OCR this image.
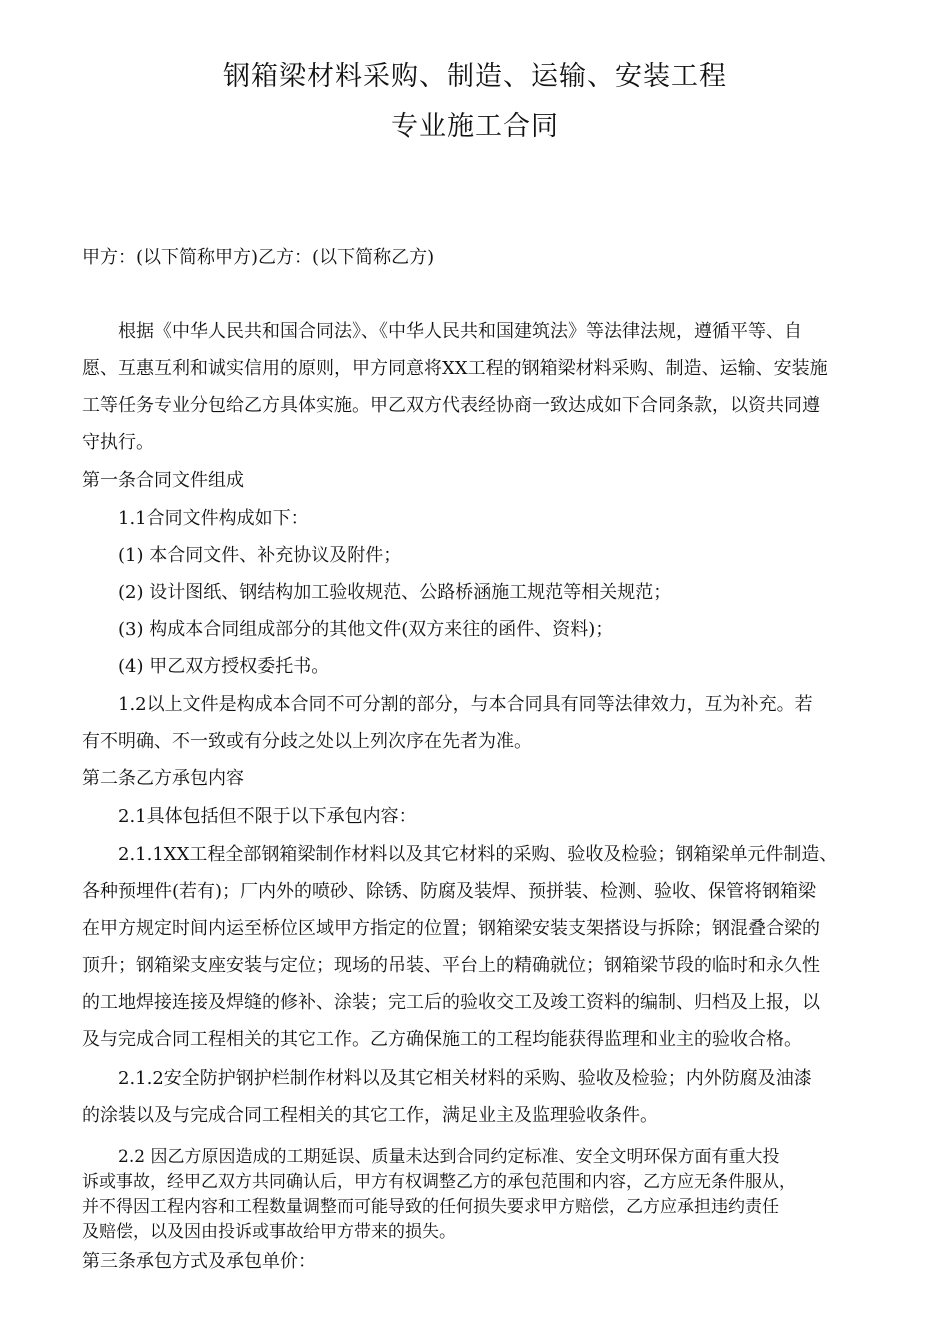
钢箱梁材料采购、制造、运输、安装工程
专业施工合同
甲方：(以下简称甲方)乙方：(以下简称乙方)
根据《中华人民共和国合同法》、《中华人民共和国建筑法》等法律法规，遵循平等、自
愿、互惠互利和诚实信用的原则，甲方同意将XX工程的钢箱梁材料采购、制造、运输、安装施
工等任务专业分包给乙方具体实施。甲乙双方代表经协商一致达成如下合同条款，以资共同遵
守执行。
第一条合同文件组成
1.1合同文件构成如下：
(1) 本合同文件、补充协议及附件；
(2) 设计图纸、钢结构加工验收规范、公路桥涵施工规范等相关规范；
(3) 构成本合同组成部分的其他文件(双方来往的函件、资料)；
(4) 甲乙双方授权委托书。
1.2以上文件是构成本合同不可分割的部分，与本合同具有同等法律效力，互为补充。若
有不明确、不一致或有分歧之处以上列次序在先者为准。
第二条乙方承包内容
2.1具体包括但不限于以下承包内容：
2.1.1XX工程全部钢箱梁制作材料以及其它材料的采购、验收及检验；钢箱梁单元件制造、
各种预埋件(若有)；厂内外的喷砂、除锈、防腐及装焊、预拼装、检测、验收、保管将钢箱梁
在甲方规定时间内运至桥位区域甲方指定的位置；钢箱梁安装支架搭设与拆除；钢混叠合梁的
顶升；钢箱梁支座安装与定位；现场的吊装、平台上的精确就位；钢箱梁节段的临时和永久性
的工地焊接连接及焊缝的修补、涂装；完工后的验收交工及竣工资料的编制、归档及上报，以
及与完成合同工程相关的其它工作。乙方确保施工的工程均能获得监理和业主的验收合格。
2.1.2安全防护钢护栏制作材料以及其它相关材料的采购、验收及检验；内外防腐及油漆
的涂装以及与完成合同工程相关的其它工作，满足业主及监理验收条件。
2.2 因乙方原因造成的工期延误、质量未达到合同约定标准、安全文明环保方面有重大投
诉或事故，经甲乙双方共同确认后，甲方有权调整乙方的承包范围和内容，乙方应无条件服从，
并不得因工程内容和工程数量调整而可能导致的任何损失要求甲方赔偿，乙方应承担违约责任
及赔偿，以及因由投诉或事故给甲方带来的损失。
第三条承包方式及承包单价：
